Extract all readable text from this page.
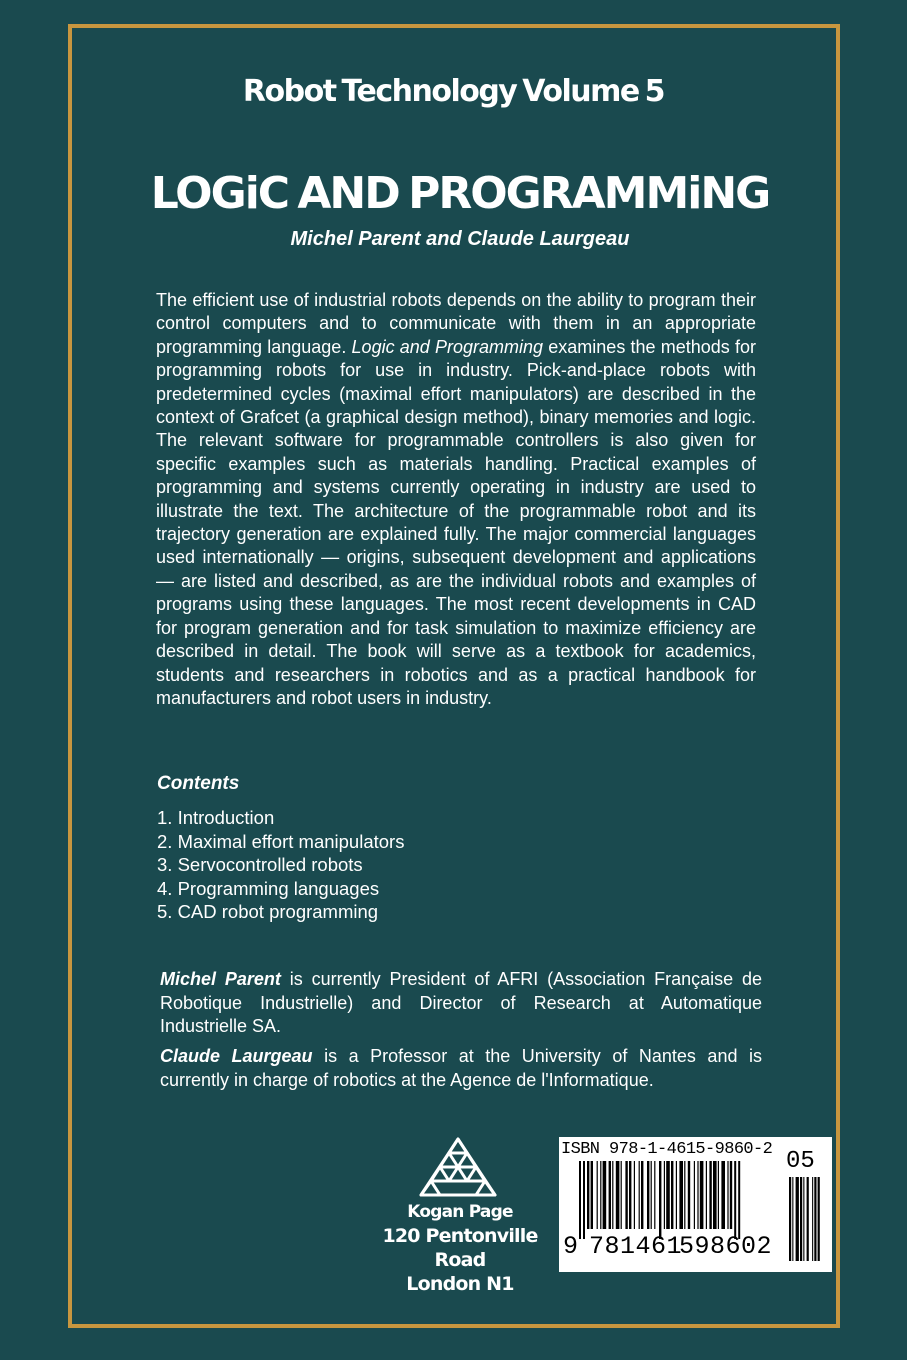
Robot Technology Volume 5
LOGiC AND PROGRAMMiNG
Michel Parent and Claude Laurgeau
The efficient use of industrial robots depends on the ability to program their control computers and to communicate with them in an appropriate programming language. Logic and Programming examines the methods for programming robots for use in industry. Pick-and-place robots with predetermined cycles (maximal effort manipulators) are described in the context of Grafcet (a graphical design method), binary memories and logic. The relevant software for programmable controllers is also given for specific examples such as materials handling. Practical examples of programming and systems currently operating in industry are used to illustrate the text. The architecture of the programmable robot and its trajectory generation are explained fully. The major commercial languages used internationally — origins, subsequent development and applications — are listed and described, as are the individual robots and examples of programs using these languages. The most recent developments in CAD for program generation and for task simulation to maximize efficiency are described in detail. The book will serve as a textbook for academics, students and researchers in robotics and as a practical handbook for manufacturers and robot users in industry.
Contents
1. Introduction
2. Maximal effort manipulators
3. Servocontrolled robots
4. Programming languages
5. CAD robot programming
Michel Parent is currently President of AFRI (Association Française de Robotique Industrielle) and Director of Research at Automatique Industrielle SA.
Claude Laurgeau is a Professor at the University of Nantes and is currently in charge of robotics at the Agence de l'Informatique.
Kogan Page
120 Pentonville Road
London N1
ISBN 978-1-4615-9860-2 05
9 781461
598602
